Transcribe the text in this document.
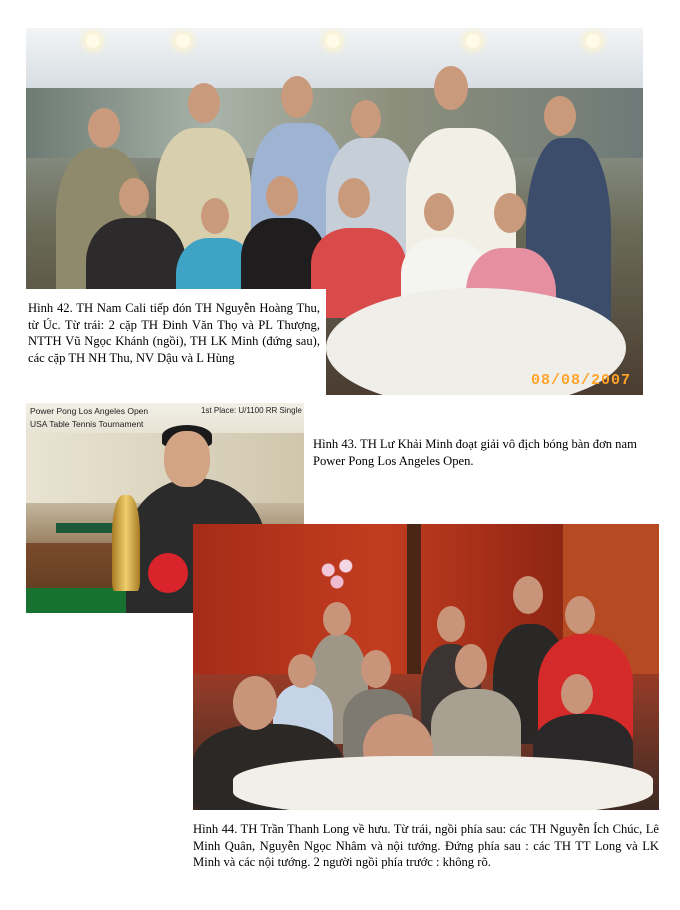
08/08/2007

Hình 42. TH Nam Cali tiếp đón TH Nguyễn Hoàng Thu, từ Úc. Từ trái: 2 cặp TH Đinh Văn Thọ và PL Thượng, NTTH Vũ Ngọc Khánh (ngồi), TH LK Minh (đứng sau), các cặp TH NH Thu, NV Dậu và L Hùng

Power Pong Los Angeles Open
USA Table Tennis Tournament
1st Place: U/1100 RR Single

Hình 43. TH Lư Khải Minh đoạt giải vô địch bóng bàn đơn nam Power Pong Los Angeles Open.

Hình 44. TH Trần Thanh Long về hưu. Từ trái, ngồi phía sau: các TH Nguyễn Ích Chúc, Lê Minh Quân, Nguyễn Ngọc Nhâm và nội tướng. Đứng phía sau : các TH TT Long và LK Minh và các nội tướng. 2 người ngồi phía trước : không rõ.
